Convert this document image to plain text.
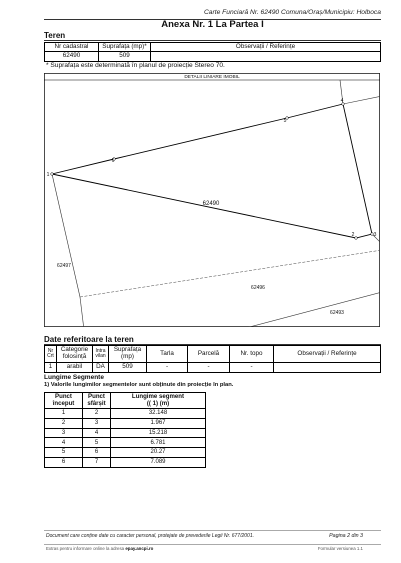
Carte Funciară Nr. 62490 Comuna/Oraș/Municipiu: Holboca
Anexa Nr. 1 La Partea I
Teren
Nr cadastral	Suprafața (mp)*	Observații / Referințe
62490	509	
* Suprafața este determinată în planul de proiecție Stereo 70.
DETALII LINIARE IMOBIL
1
2	3
4
5
6
62490
62497
62496
62493
Date referitoare la teren
Nr Crt	Categorie folosință	Intra vilan	Suprafața (mp)	Tarla	Parcelă	Nr. topo	Observații / Referințe
1	arabil	DA	509	-	-	-	
Lungime Segmente
1) Valorile lungimilor segmentelor sunt obținute din proiecție în plan.
Punct început	Punct sfârșit	Lungime segment
(( 1) (m)
1	2	32.148
2	3	1.967
3	4	15.218
4	5	6.781
5	6	20.27
6	7	7.089
Document care conține date cu caracter personal, protejate de prevederile Legii Nr. 677/2001.	Pagina 2 din 3
Extras pentru informare online la adresa epay.ancpi.ro	Formular versiunea 1.1
